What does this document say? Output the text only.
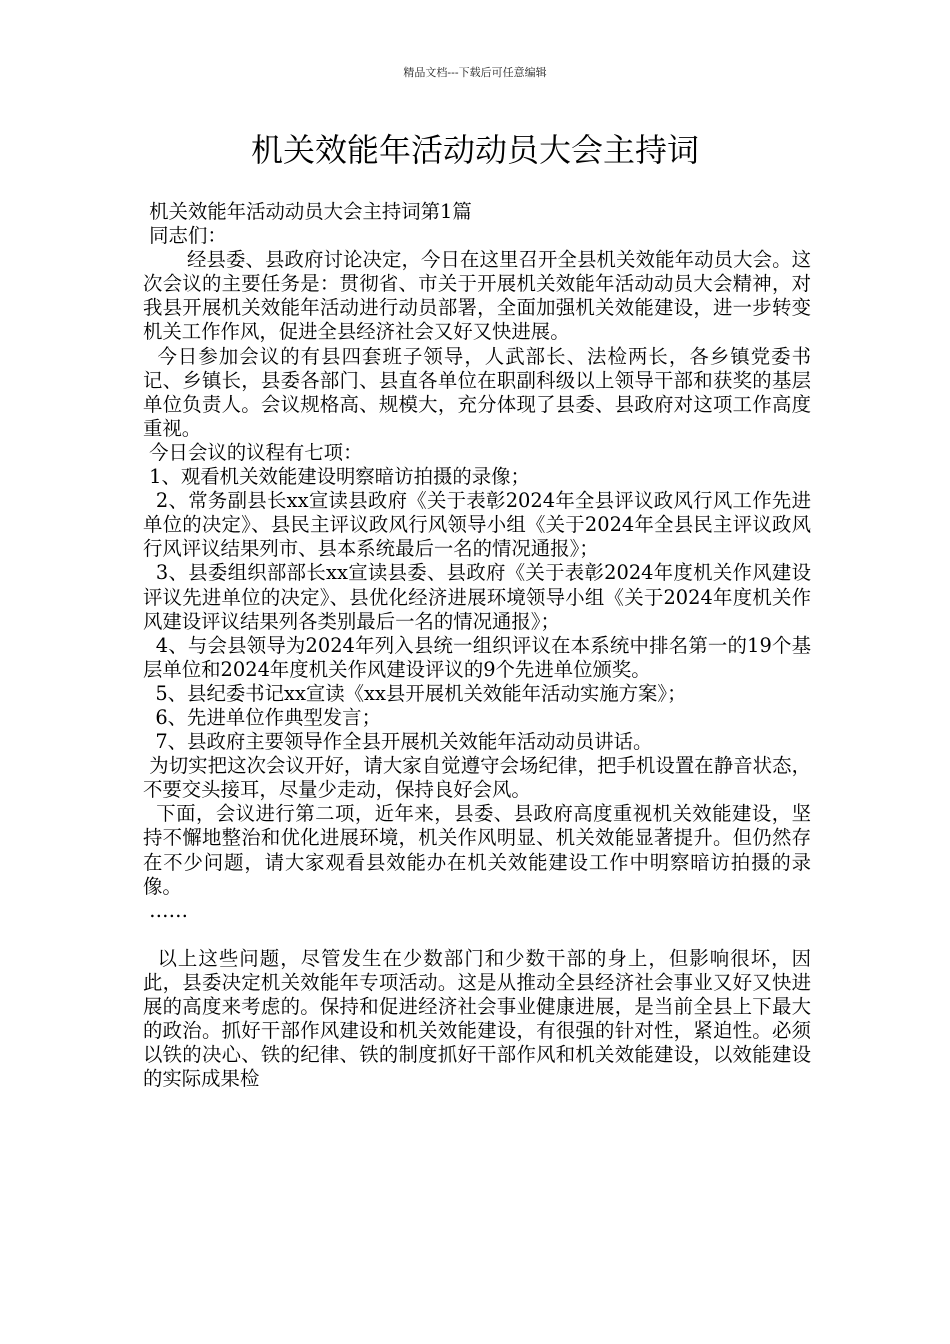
精品文档---下载后可任意编辑
机关效能年活动动员大会主持词

机关效能年活动动员大会主持词第1篇

同志们：

经县委、县政府讨论决定，今日在这里召开全县机关效能年动员大会。这次会议的主要任务是：贯彻省、市关于开展机关效能年活动动员大会精神，对我县开展机关效能年活动进行动员部署，全面加强机关效能建设，进一步转变机关工作作风，促进全县经济社会又好又快进展。

今日参加会议的有县四套班子领导，人武部长、法检两长，各乡镇党委书记、乡镇长，县委各部门、县直各单位在职副科级以上领导干部和获奖的基层单位负责人。会议规格高、规模大，充分体现了县委、县政府对这项工作高度重视。

今日会议的议程有七项：

1、观看机关效能建设明察暗访拍摄的录像；

2、常务副县长xx宣读县政府《关于表彰2024年全县评议政风行风工作先进单位的决定》、县民主评议政风行风领导小组《关于2024年全县民主评议政风行风评议结果列市、县本系统最后一名的情况通报》；

3、县委组织部部长xx宣读县委、县政府《关于表彰2024年度机关作风建设评议先进单位的决定》、县优化经济进展环境领导小组《关于2024年度机关作风建设评议结果列各类别最后一名的情况通报》；

4、与会县领导为2024年列入县统一组织评议在本系统中排名第一的19个基层单位和2024年度机关作风建设评议的9个先进单位颁奖。

5、县纪委书记xx宣读《xx县开展机关效能年活动实施方案》；

6、先进单位作典型发言；

7、县政府主要领导作全县开展机关效能年活动动员讲话。

为切实把这次会议开好，请大家自觉遵守会场纪律，把手机设置在静音状态，不要交头接耳，尽量少走动，保持良好会风。

下面，会议进行第二项，近年来，县委、县政府高度重视机关效能建设，坚持不懈地整治和优化进展环境，机关作风明显、机关效能显著提升。但仍然存在不少问题，请大家观看县效能办在机关效能建设工作中明察暗访拍摄的录像。

……

以上这些问题，尽管发生在少数部门和少数干部的身上，但影响很坏，因此，县委决定机关效能年专项活动。这是从推动全县经济社会事业又好又快进展的高度来考虑的。保持和促进经济社会事业健康进展，是当前全县上下最大的政治。抓好干部作风建设和机关效能建设，有很强的针对性，紧迫性。必须以铁的决心、铁的纪律、铁的制度抓好干部作风和机关效能建设，以效能建设的实际成果检
